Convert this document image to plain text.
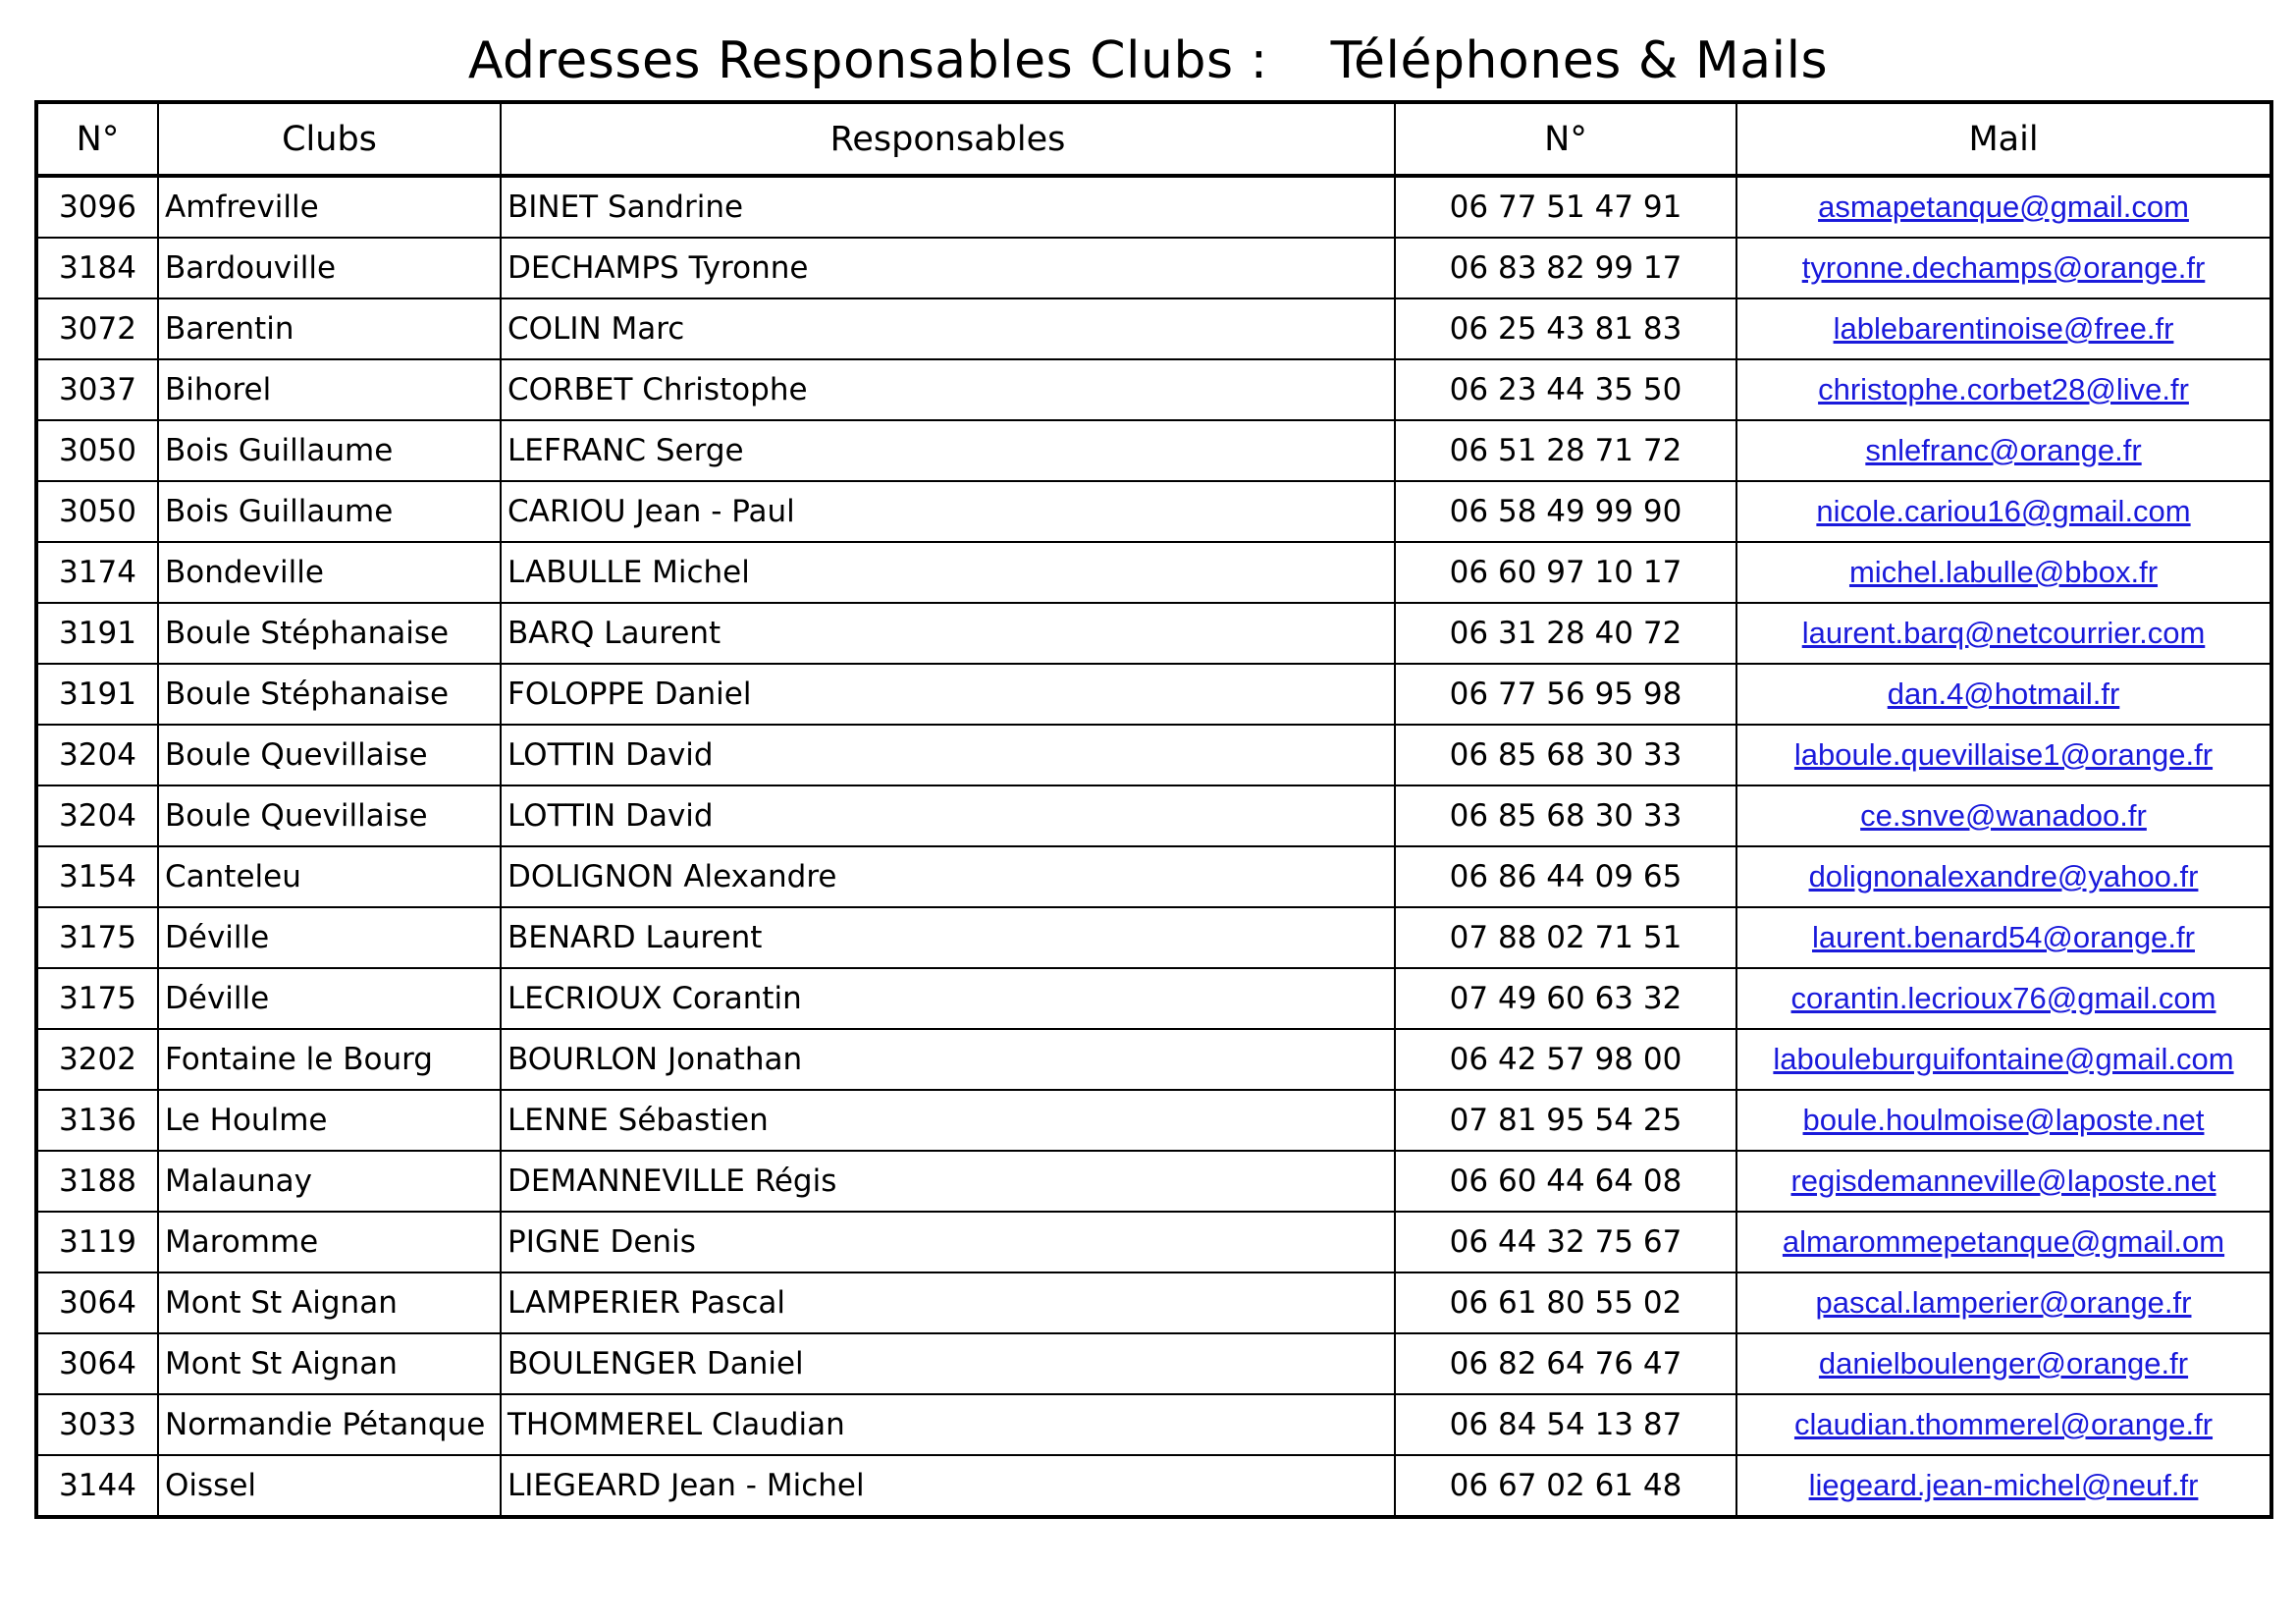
Adresses Responsables Clubs : Téléphones & Mails
N°	Clubs	Responsables	N°	Mail
3096	Amfreville	BINET Sandrine	06 77 51 47 91	asmapetanque@gmail.com
3184	Bardouville	DECHAMPS Tyronne	06 83 82 99 17	tyronne.dechamps@orange.fr
3072	Barentin	COLIN Marc	06 25 43 81 83	lablebarentinoise@free.fr
3037	Bihorel	CORBET Christophe	06 23 44 35 50	christophe.corbet28@live.fr
3050	Bois Guillaume	LEFRANC Serge	06 51 28 71 72	snlefranc@orange.fr
3050	Bois Guillaume	CARIOU Jean - Paul	06 58 49 99 90	nicole.cariou16@gmail.com
3174	Bondeville	LABULLE Michel	06 60 97 10 17	michel.labulle@bbox.fr
3191	Boule Stéphanaise	BARQ Laurent	06 31 28 40 72	laurent.barq@netcourrier.com
3191	Boule Stéphanaise	FOLOPPE Daniel	06 77 56 95 98	dan.4@hotmail.fr
3204	Boule Quevillaise	LOTTIN David	06 85 68 30 33	laboule.quevillaise1@orange.fr
3204	Boule Quevillaise	LOTTIN David	06 85 68 30 33	ce.snve@wanadoo.fr
3154	Canteleu	DOLIGNON Alexandre	06 86 44 09 65	dolignonalexandre@yahoo.fr
3175	Déville	BENARD Laurent	07 88 02 71 51	laurent.benard54@orange.fr
3175	Déville	LECRIOUX Corantin	07 49 60 63 32	corantin.lecrioux76@gmail.com
3202	Fontaine le Bourg	BOURLON Jonathan	06 42 57 98 00	labouleburguifontaine@gmail.com
3136	Le Houlme	LENNE Sébastien	07 81 95 54 25	boule.houlmoise@laposte.net
3188	Malaunay	DEMANNEVILLE Régis	06 60 44 64 08	regisdemanneville@laposte.net
3119	Maromme	PIGNE Denis	06 44 32 75 67	almarommepetanque@gmail.om
3064	Mont St Aignan	LAMPERIER Pascal	06 61 80 55 02	pascal.lamperier@orange.fr
3064	Mont St Aignan	BOULENGER Daniel	06 82 64 76 47	danielboulenger@orange.fr
3033	Normandie Pétanque	THOMMEREL Claudian	06 84 54 13 87	claudian.thommerel@orange.fr
3144	Oissel	LIEGEARD Jean - Michel	06 67 02 61 48	liegeard.jean-michel@neuf.fr
